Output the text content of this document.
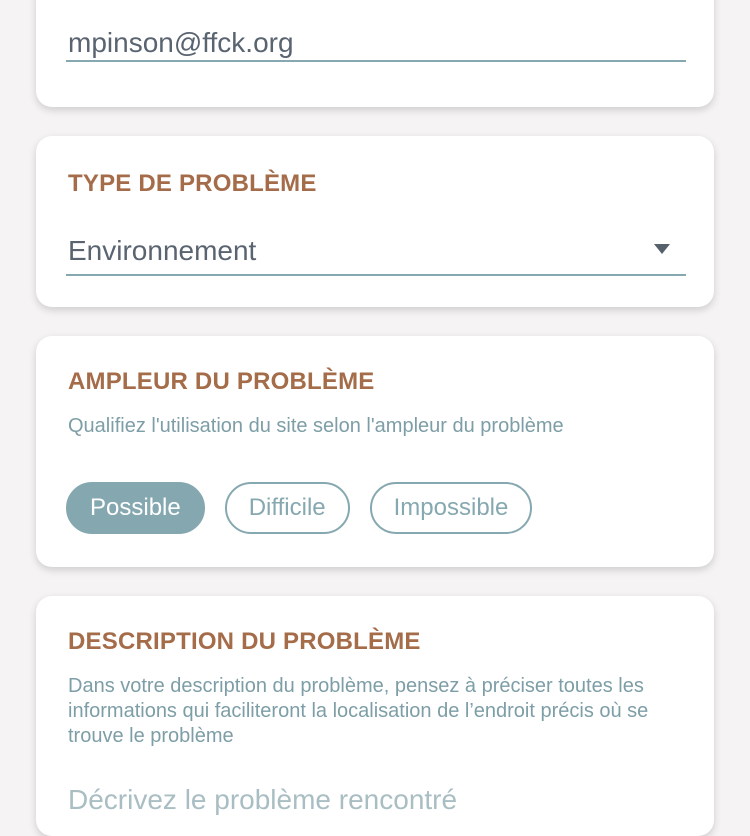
mpinson@ffck.org
TYPE DE PROBLÈME
Environnement
AMPLEUR DU PROBLÈME

Qualifiez l'utilisation du site selon l'ampleur du problème

Possible	Difficile	Impossible
DESCRIPTION DU PROBLÈME

Dans votre description du problème, pensez à préciser toutes les informations qui faciliteront la localisation de l’endroit précis où se trouve le problème

Décrivez le problème rencontré
